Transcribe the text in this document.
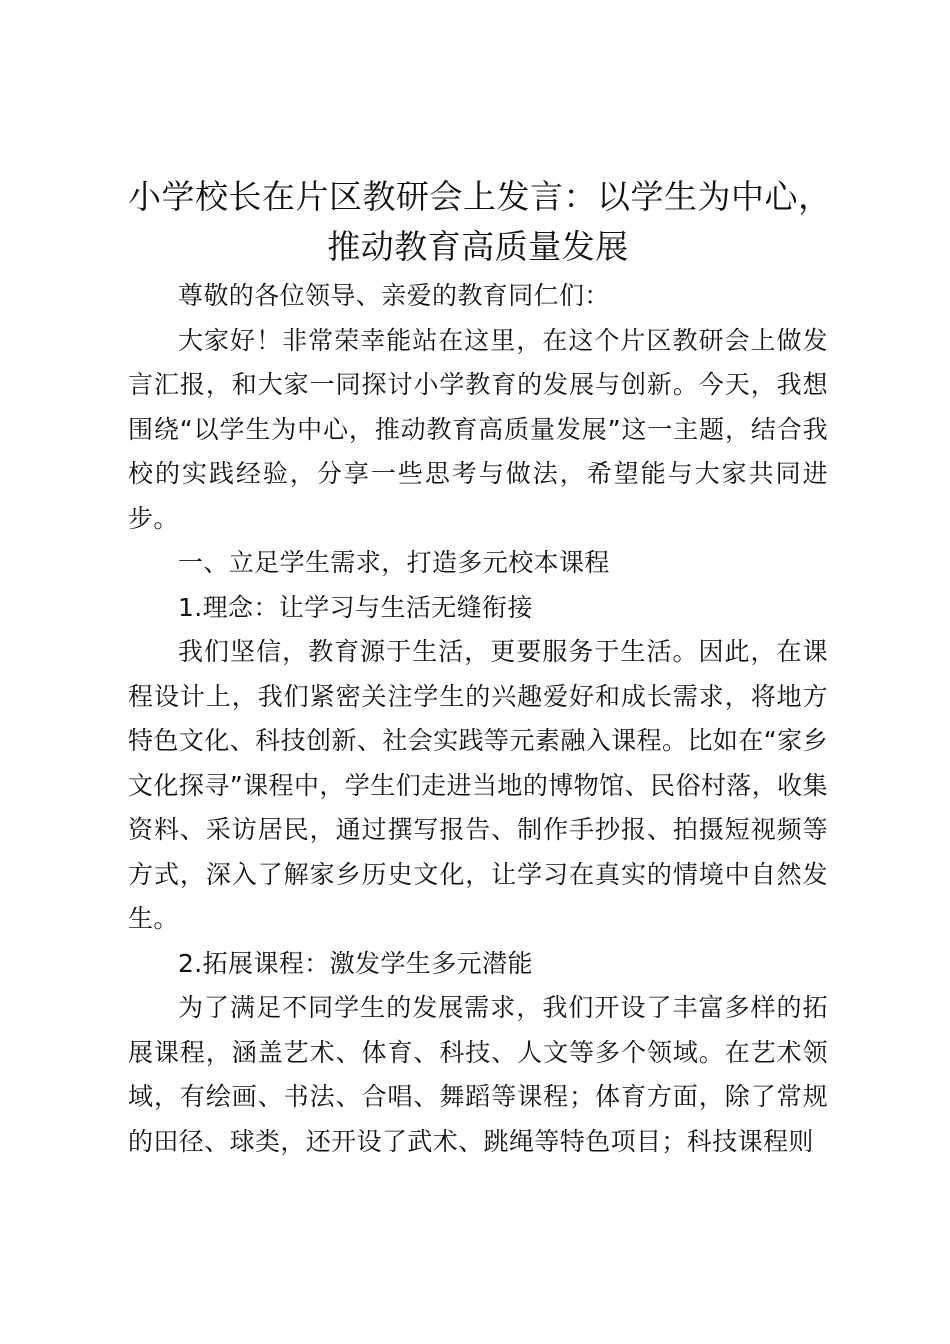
小学校长在片区教研会上发言：以学生为中心，
推动教育高质量发展

尊敬的各位领导、亲爱的教育同仁们：

大家好！非常荣幸能站在这里，在这个片区教研会上做发言汇报，和大家一同探讨小学教育的发展与创新。今天，我想围绕“以学生为中心，推动教育高质量发展”这一主题，结合我校的实践经验，分享一些思考与做法，希望能与大家共同进步。

一、立足学生需求，打造多元校本课程

1.理念：让学习与生活无缝衔接

我们坚信，教育源于生活，更要服务于生活。因此，在课程设计上，我们紧密关注学生的兴趣爱好和成长需求，将地方特色文化、科技创新、社会实践等元素融入课程。比如在“家乡文化探寻”课程中，学生们走进当地的博物馆、民俗村落，收集资料、采访居民，通过撰写报告、制作手抄报、拍摄短视频等方式，深入了解家乡历史文化，让学习在真实的情境中自然发生。

2.拓展课程：激发学生多元潜能

为了满足不同学生的发展需求，我们开设了丰富多样的拓展课程，涵盖艺术、体育、科技、人文等多个领域。在艺术领域，有绘画、书法、合唱、舞蹈等课程；体育方面，除了常规的田径、球类，还开设了武术、跳绳等特色项目；科技课程则
